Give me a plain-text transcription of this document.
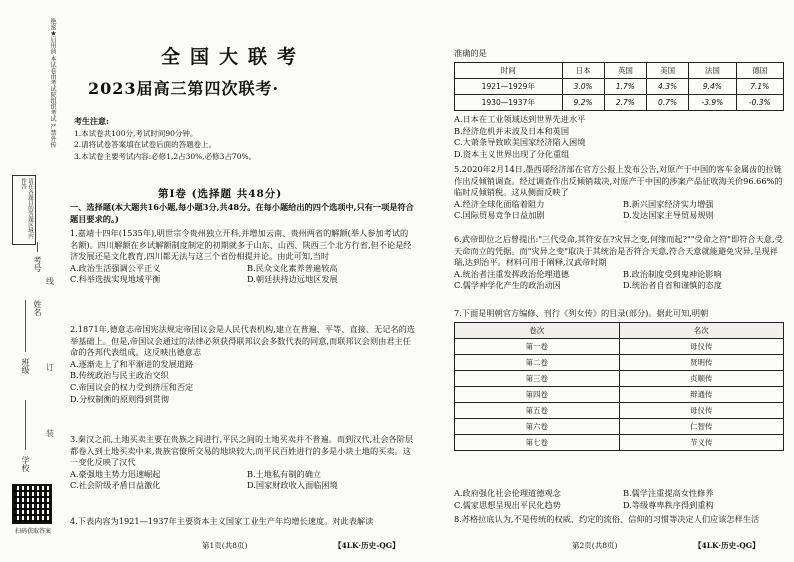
绝密★启用前 本试卷由考试院组织考试 严禁外传
请在各题目的答题区域内作答
学校
班级
姓名
考号
线
订
装
扫码获取答案
全国大联考
2023届高三第四次联考·
考生注意:
1.本试卷共100分,考试时间90分钟。
2.请将试卷答案填在试卷后面的答题卷上。
3.本试卷主要考试内容:必修1,2占30%,必修3占70%。
第Ⅰ卷 (选择题 共48分)
一、选择题(本大题共16小题,每小题3分,共48分。在每小题给出的四个选项中,只有一项是符合题目要求的。)
1.嘉靖十四年(1535年),明世宗令贵州独立开科,并增加云南、贵州两省的解额(举人参加考试的名额)。四川解额在乡试解额制度制定的初期就多于山东、山西、陕西三个北方行省,但不论是经济发展还是文化教育,四川都无法与这三个省份相提并论。由此可知,当时
A.政治生活强调公平正义	B.民众文化素养普遍较高
C.科举选拔实现地域平衡	D.朝廷扶持边远地区发展
2.1871年,德意志帝国宪法规定帝国议会是人民代表机构,建立在普遍、平等、直接、无记名的选举基础上。但是,帝国议会通过的法律必须获得联邦议会多数代表的同意,而联邦议会则由君主任命的各邦代表组成。这反映出德意志
A.逐渐走上了和平渐进的发展道路
B.传统政治与民主政治交织
C.帝国议会的权力受到挤压和否定
D.分权制衡的原则得到贯彻
3.秦汉之前,土地买卖主要在贵族之间进行,平民之间的土地买卖并不普遍。而到汉代,社会各阶层都卷入到土地买卖中来,贵族官僚所交易的地块较大,而平民百姓进行的多是小块土地的买卖。这一变化反映了汉代
A.豪强地主势力迅速崛起	B.土地私有制的确立
C.社会阶级矛盾日益激化	D.国家财政收入面临困境
4.下表内容为1921—1937年主要资本主义国家工业生产年均增长速度。对此表解读
第1页(共8页)	【4LK·历史-QG】
准确的是
时间	日本	英国	美国	法国	德国
1921—1929年	3.0%	1.7%	4.3%	9.4%	7.1%
1930—1937年	9.2%	2.7%	0.7%	-3.9%	-0.3%
A.日本在工业领域达到世界先进水平
B.经济危机并未波及日本和英国
C.大萧条导致欧美国家经济陷入困境
D.资本主义世界出现了分化重组
5.2020年2月14日,墨西哥经济部在官方公报上发布公告,对原产于中国的客车金属齿的拉链作出反倾销调查。经过调查作出反倾销裁决,对原产于中国的涉案产品征收海关价96.66%的临时反倾销税。这从侧面反映了
A.经济全球化面临着阻力	B.新兴国家经济实力增强
C.国际贸易竞争日益加剧	D.发达国家主导贸易规则
6.武帝即位之后曾提出:"三代受命,其符安在?灾异之变,何缘而起?""受命之符"即符合天意,受天命而立的凭据。而"灾异之变"取决于其统治是否符合天意,符合天意就能避免灾异,呈现祥瑞,达到治平。材料可用于阐释,汉武帝时期
A.统治者注重发挥政治伦理道德	B.政治制度受到鬼神论影响
C.儒学神学化产生的政治动因	D.统治者自省和谨慎的态度
7.下面是明朝官方编修、刊行《列女传》的目录(部分)。据此可知,明朝
卷次	名次
第一卷	母仪传
第二卷	贤明传
第三卷	贞顺传
第四卷	辩通传
第五卷	母仪传
第六卷	仁智传
第七卷	节义传
A.政府强化社会伦理道德观念	B.儒学注重提高女性修养
C.儒家思想呈现出平民化趋势	D.等级尊卑秩序得到重构
8.苏格拉底认为,不是传统的权威、约定的流俗、信仰的习惯等决定人们应该怎样生活
第2页(共8页)	【4LK·历史-QG】
